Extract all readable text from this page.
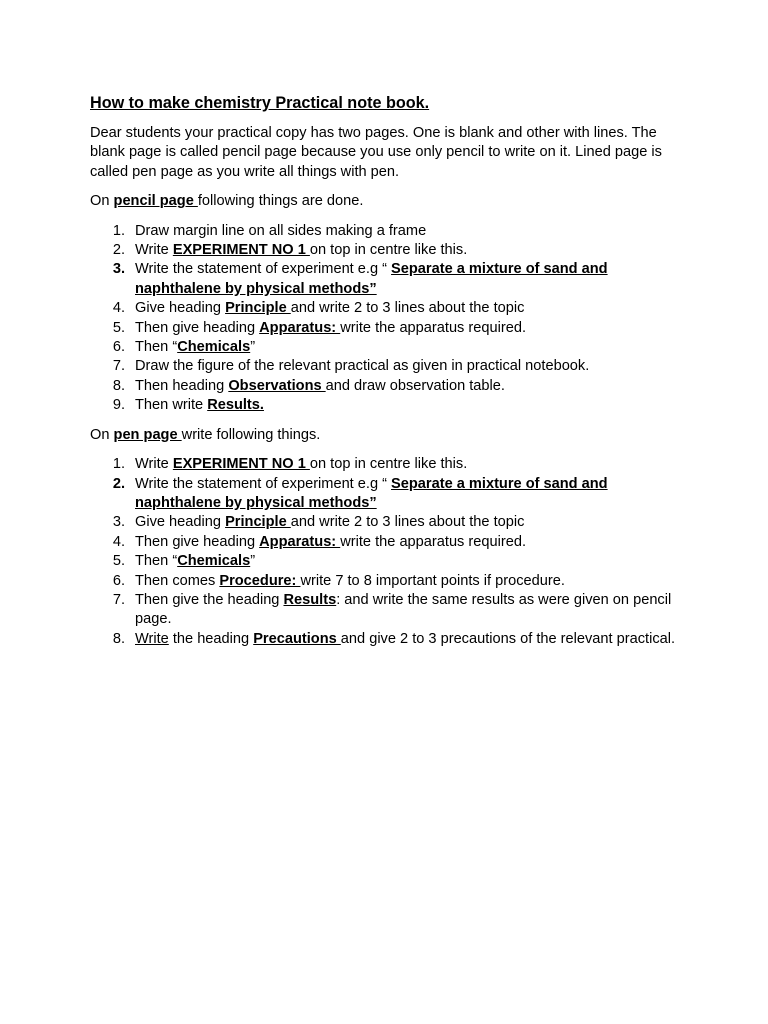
How to make chemistry Practical note book.

Dear students your practical copy has two pages. One is blank and other with lines. The blank page is called pencil page because you use only pencil to write on it. Lined page is called pen page as you write all things with pen.

On pencil page following things are done.

1. Draw margin line on all sides making a frame
2. Write EXPERIMENT NO 1 on top in centre like this.
3. Write the statement of experiment e.g “ Separate a mixture of sand and naphthalene by physical methods”
4. Give heading Principle and write 2 to 3 lines about the topic
5. Then give heading Apparatus: write the apparatus required.
6. Then “Chemicals”
7. Draw the figure of the relevant practical as given in practical notebook.
8. Then heading Observations and draw observation table.
9. Then write Results.

On pen page write following things.

1. Write EXPERIMENT NO 1 on top in centre like this.
2. Write the statement of experiment e.g “ Separate a mixture of sand and naphthalene by physical methods”
3. Give heading Principle and write 2 to 3 lines about the topic
4. Then give heading Apparatus: write the apparatus required.
5. Then “Chemicals”
6. Then comes Procedure: write 7 to 8 important points if procedure.
7. Then give the heading Results: and write the same results as were given on pencil page.
8. Write the heading Precautions and give 2 to 3 precautions of the relevant practical.
